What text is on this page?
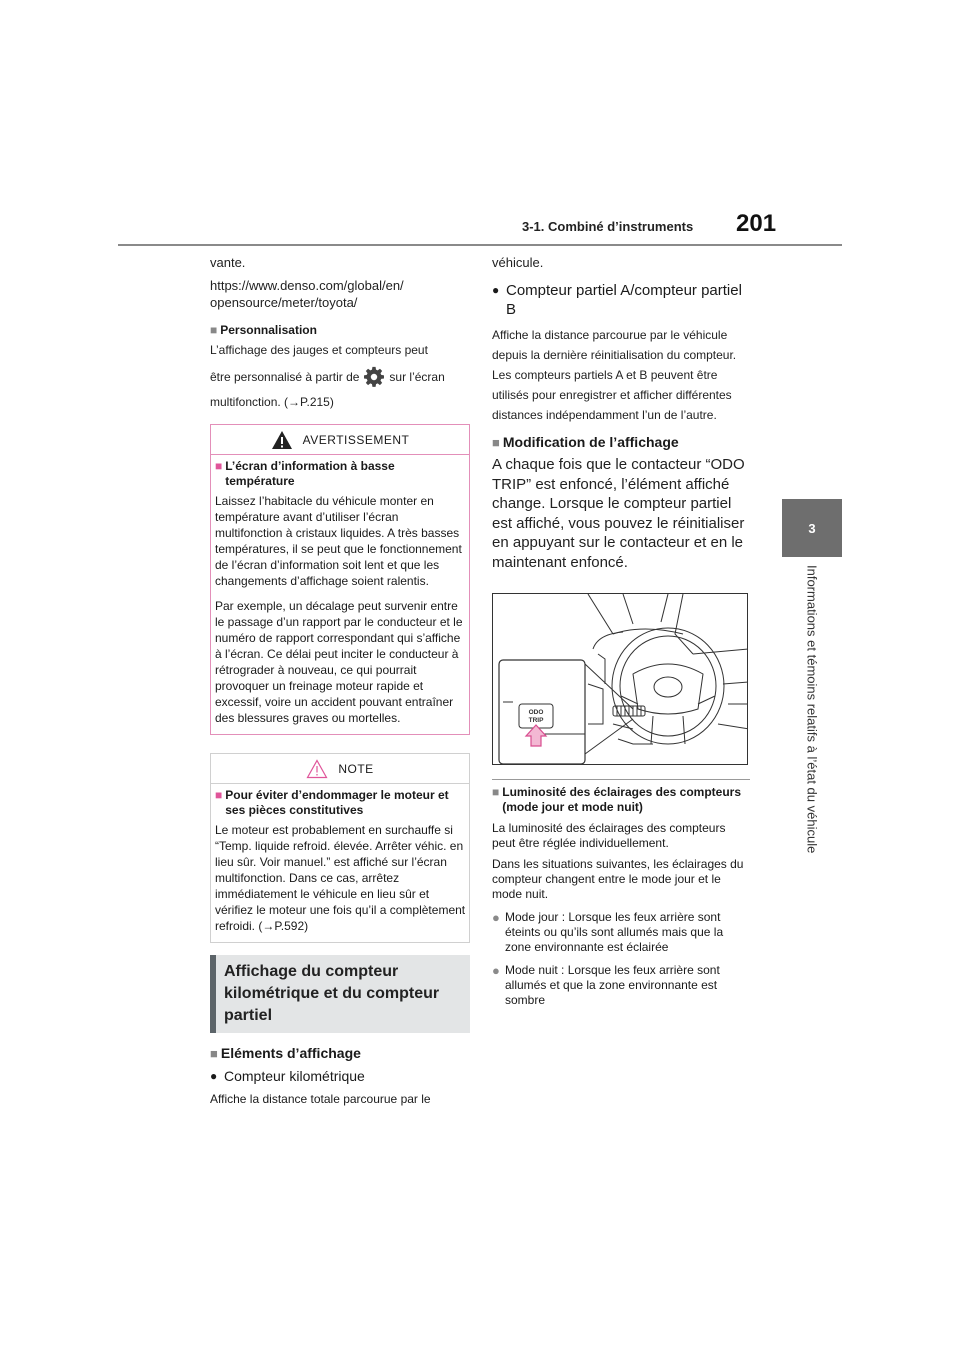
3-1. Combiné d’instruments 201
3
Informations et témoins relatifs à l’état du véhicule
vante.
https://www.denso.com/global/en/opensource/meter/toyota/
■ Personnalisation
L’affichage des jauges et compteurs peut
être personnalisé à partir de	sur l’écran
multifonction. (→P.215)
AVERTISSEMENT
■ L’écran d’information à basse température
Laissez l’habitacle du véhicule monter en température avant d’utiliser l’écran multifonction à cristaux liquides. A très basses températures, il se peut que le fonctionnement de l’écran d’information soit lent et que les changements d’affichage soient ralentis.
Par exemple, un décalage peut survenir entre le passage d’un rapport par le conducteur et le numéro de rapport correspondant qui s’affiche à l’écran. Ce délai peut inciter le conducteur à rétrograder à nouveau, ce qui pourrait provoquer un freinage moteur rapide et excessif, voire un accident pouvant entraîner des blessures graves ou mortelles.
NOTE
■ Pour éviter d’endommager le moteur et ses pièces constitutives
Le moteur est probablement en surchauffe si “Temp. liquide refroid. élevée. Arrêter véhic. en lieu sûr. Voir manuel.” est affiché sur l’écran multifonction. Dans ce cas, arrêtez immédiatement le véhicule en lieu sûr et vérifiez le moteur une fois qu’il a complètement refroidi. (→P.592)
Affichage du compteur kilométrique et du compteur partiel
■ Eléments d’affichage
● Compteur kilométrique
Affiche la distance totale parcourue par le
véhicule.
● Compteur partiel A/compteur partiel B
Affiche la distance parcourue par le véhicule depuis la dernière réinitialisation du compteur. Les compteurs partiels A et B peuvent être utilisés pour enregistrer et afficher différentes distances indépendamment l’un de l’autre.
■ Modification de l’affichage
A chaque fois que le contacteur “ODO TRIP” est enfoncé, l’élément affiché change. Lorsque le compteur partiel est affiché, vous pouvez le réinitialiser en appuyant sur le contacteur et en le maintenant enfoncé.
ODO
TRIP
■ Luminosité des éclairages des compteurs (mode jour et mode nuit)
La luminosité des éclairages des compteurs peut être réglée individuellement.
Dans les situations suivantes, les éclairages du compteur changent entre le mode jour et le mode nuit.
● Mode jour : Lorsque les feux arrière sont éteints ou qu’ils sont allumés mais que la zone environnante est éclairée
● Mode nuit : Lorsque les feux arrière sont allumés et que la zone environnante est sombre
